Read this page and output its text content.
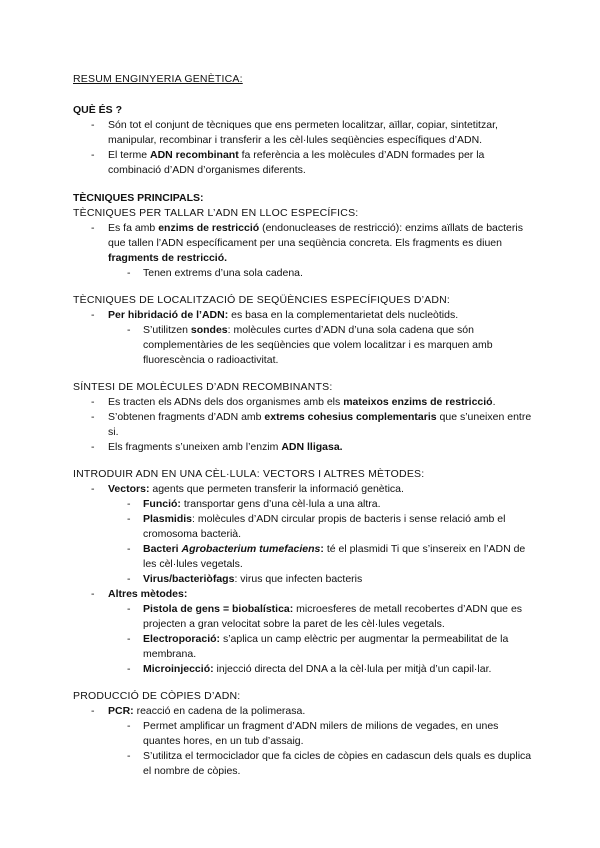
RESUM ENGINYERIA GENÈTICA:
QUÈ ÉS ?
- Són tot el conjunt de tècniques que ens permeten localitzar, aïllar, copiar, sintetitzar, manipular, recombinar i transferir a les cèl·lules seqüències específiques d’ADN.
- El terme ADN recombinant fa referència a les molècules d’ADN formades per la combinació d’ADN d’organismes diferents.
TÈCNIQUES PRINCIPALS:
TÈCNIQUES PER TALLAR L’ADN EN LLOC ESPECÍFICS:
- Es fa amb enzims de restricció (endonucleases de restricció): enzims aïllats de bacteris que tallen l’ADN específicament per una seqüència concreta. Els fragments es diuen fragments de restricció.
- Tenen extrems d’una sola cadena.
TÈCNIQUES DE LOCALITZACIÓ DE SEQÜÈNCIES ESPECÍFIQUES D’ADN:
- Per hibridació de l’ADN: es basa en la complementarietat dels nucleòtids.
- S’utilitzen sondes: molècules curtes d’ADN d’una sola cadena que són complementàries de les seqüències que volem localitzar i es marquen amb fluorescència o radioactivitat.
SÍNTESI DE MOLÈCULES D’ADN RECOMBINANTS:
- Es tracten els ADNs dels dos organismes amb els mateixos enzims de restricció.
- S’obtenen fragments d’ADN amb extrems cohesius complementaris que s’uneixen entre si.
- Els fragments s’uneixen amb l’enzim ADN lligasa.
INTRODUIR ADN EN UNA CÈL·LULA: VECTORS I ALTRES MÈTODES:
- Vectors: agents que permeten transferir la informació genètica.
- Funció: transportar gens d’una cèl·lula a una altra.
- Plasmidis: molècules d’ADN circular propis de bacteris i sense relació amb el cromosoma bacterià.
- Bacteri Agrobacterium tumefaciens: té el plasmidi Ti que s’insereix en l’ADN de les cèl·lules vegetals.
- Virus/bacteriòfags: virus que infecten bacteris
- Altres mètodes:
- Pistola de gens = biobalística: microesferes de metall recobertes d’ADN que es projecten a gran velocitat sobre la paret de les cèl·lules vegetals.
- Electroporació: s’aplica un camp elèctric per augmentar la permeabilitat de la membrana.
- Microinjecció: injecció directa del DNA a la cèl·lula per mitjà d’un capil·lar.
PRODUCCIÓ DE CÒPIES D’ADN:
- PCR: reacció en cadena de la polimerasa.
- Permet amplificar un fragment d’ADN milers de milions de vegades, en unes quantes hores, en un tub d’assaig.
- S’utilitza el termociclador que fa cicles de còpies en cadascun dels quals es duplica el nombre de còpies.
